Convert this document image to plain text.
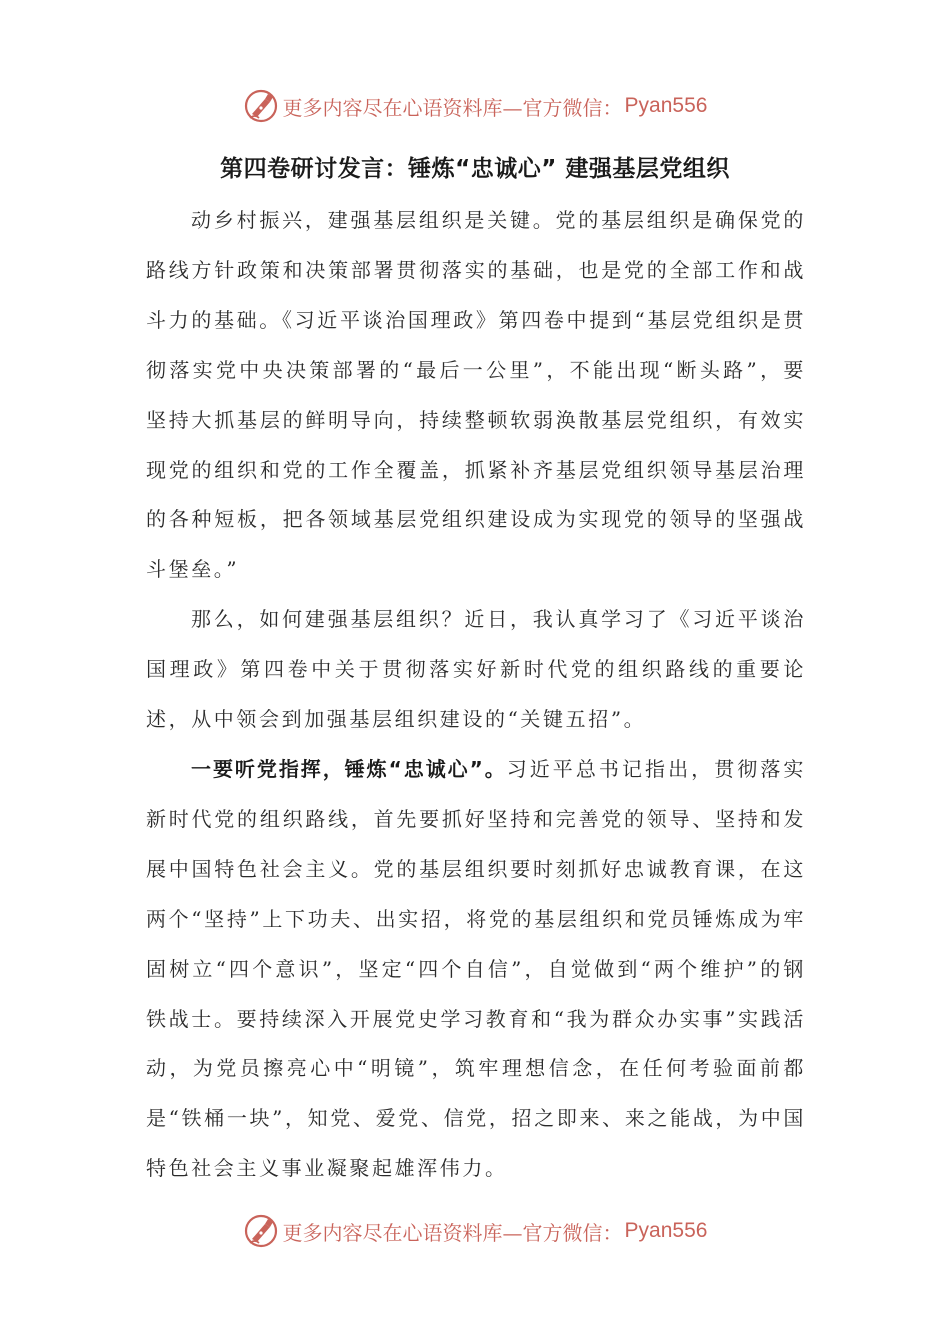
更多内容尽在心语资料库—官方微信： Pyan556
第四卷研讨发言：锤炼“忠诚心” 建强基层党组织

动乡村振兴，建强基层组织是关键。党的基层组织是确保党的路线方针政策和决策部署贯彻落实的基础，也是党的全部工作和战斗力的基础。《习近平谈治国理政》第四卷中提到“基层党组织是贯彻落实党中央决策部署的“最后一公里”，不能出现“断头路”，要坚持大抓基层的鲜明导向，持续整顿软弱涣散基层党组织，有效实现党的组织和党的工作全覆盖，抓紧补齐基层党组织领导基层治理的各种短板，把各领域基层党组织建设成为实现党的领导的坚强战斗堡垒。”

那么，如何建强基层组织？近日，我认真学习了《习近平谈治国理政》第四卷中关于贯彻落实好新时代党的组织路线的重要论述，从中领会到加强基层组织建设的“关键五招”。

一要听党指挥，锤炼“忠诚心”。习近平总书记指出，贯彻落实新时代党的组织路线，首先要抓好坚持和完善党的领导、坚持和发展中国特色社会主义。党的基层组织要时刻抓好忠诚教育课，在这两个“坚持”上下功夫、出实招，将党的基层组织和党员锤炼成为牢固树立“四个意识”，坚定“四个自信”，自觉做到“两个维护”的钢铁战士。要持续深入开展党史学习教育和“我为群众办实事”实践活动，为党员擦亮心中“明镜”，筑牢理想信念，在任何考验面前都是“铁桶一块”，知党、爱党、信党，招之即来、来之能战，为中国特色社会主义事业凝聚起雄浑伟力。

更多内容尽在心语资料库—官方微信： Pyan556
